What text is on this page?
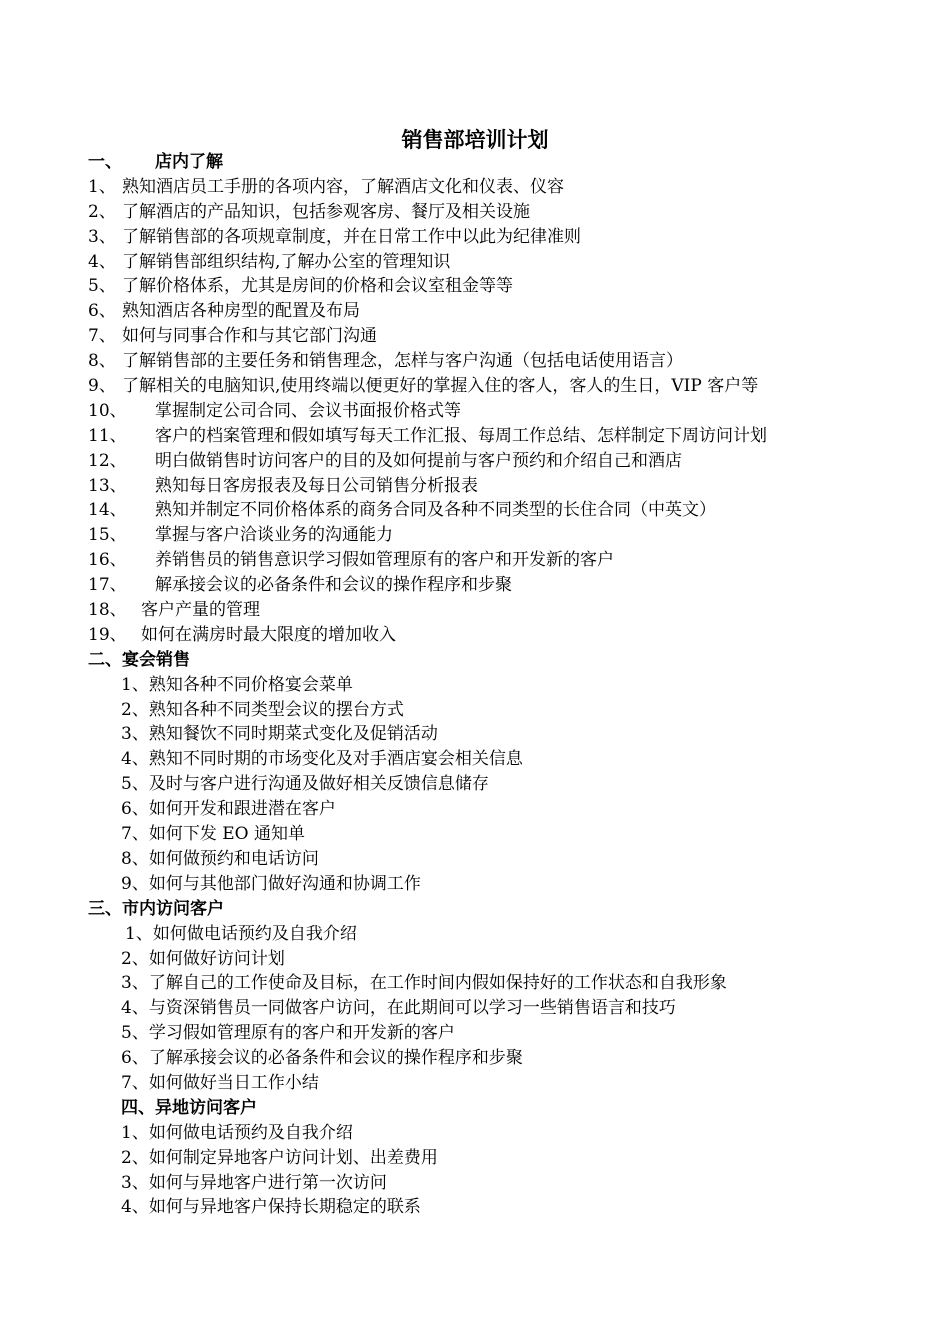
销售部培训计划
一、	店内了解
1、 熟知酒店员工手册的各项内容，了解酒店文化和仪表、仪容
2、 了解酒店的产品知识，包括参观客房、餐厅及相关设施
3、 了解销售部的各项规章制度，并在日常工作中以此为纪律准则
4、 了解销售部组织结构,了解办公室的管理知识
5、 了解价格体系，尤其是房间的价格和会议室租金等等
6、 熟知酒店各种房型的配置及布局
7、 如何与同事合作和与其它部门沟通
8、 了解销售部的主要任务和销售理念，怎样与客户沟通（包括电话使用语言）
9、 了解相关的电脑知识,使用终端以便更好的掌握入住的客人，客人的生日，VIP 客户等
10、	掌握制定公司合同、会议书面报价格式等
11、	客户的档案管理和假如填写每天工作汇报、每周工作总结、怎样制定下周访问计划
12、	明白做销售时访问客户的目的及如何提前与客户预约和介绍自己和酒店
13、	熟知每日客房报表及每日公司销售分析报表
14、	熟知并制定不同价格体系的商务合同及各种不同类型的长住合同（中英文）
15、	掌握与客户洽谈业务的沟通能力
16、	养销售员的销售意识学习假如管理原有的客户和开发新的客户
17、	解承接会议的必备条件和会议的操作程序和步聚
18、 客户产量的管理
19、 如何在满房时最大限度的增加收入
二、宴会销售
1、熟知各种不同价格宴会菜单
2、熟知各种不同类型会议的摆台方式
3、熟知餐饮不同时期菜式变化及促销活动
4、熟知不同时期的市场变化及对手酒店宴会相关信息
5、及时与客户进行沟通及做好相关反馈信息储存
6、如何开发和跟进潜在客户
7、如何下发 EO 通知单
8、如何做预约和电话访问
9、如何与其他部门做好沟通和协调工作
三、市内访问客户
1、如何做电话预约及自我介绍
2、如何做好访问计划
3、了解自己的工作使命及目标，在工作时间内假如保持好的工作状态和自我形象
4、与资深销售员一同做客户访问，在此期间可以学习一些销售语言和技巧
5、学习假如管理原有的客户和开发新的客户
6、了解承接会议的必备条件和会议的操作程序和步聚
7、如何做好当日工作小结
四、异地访问客户
1、如何做电话预约及自我介绍
2、如何制定异地客户访问计划、出差费用
3、如何与异地客户进行第一次访问
4、如何与异地客户保持长期稳定的联系
